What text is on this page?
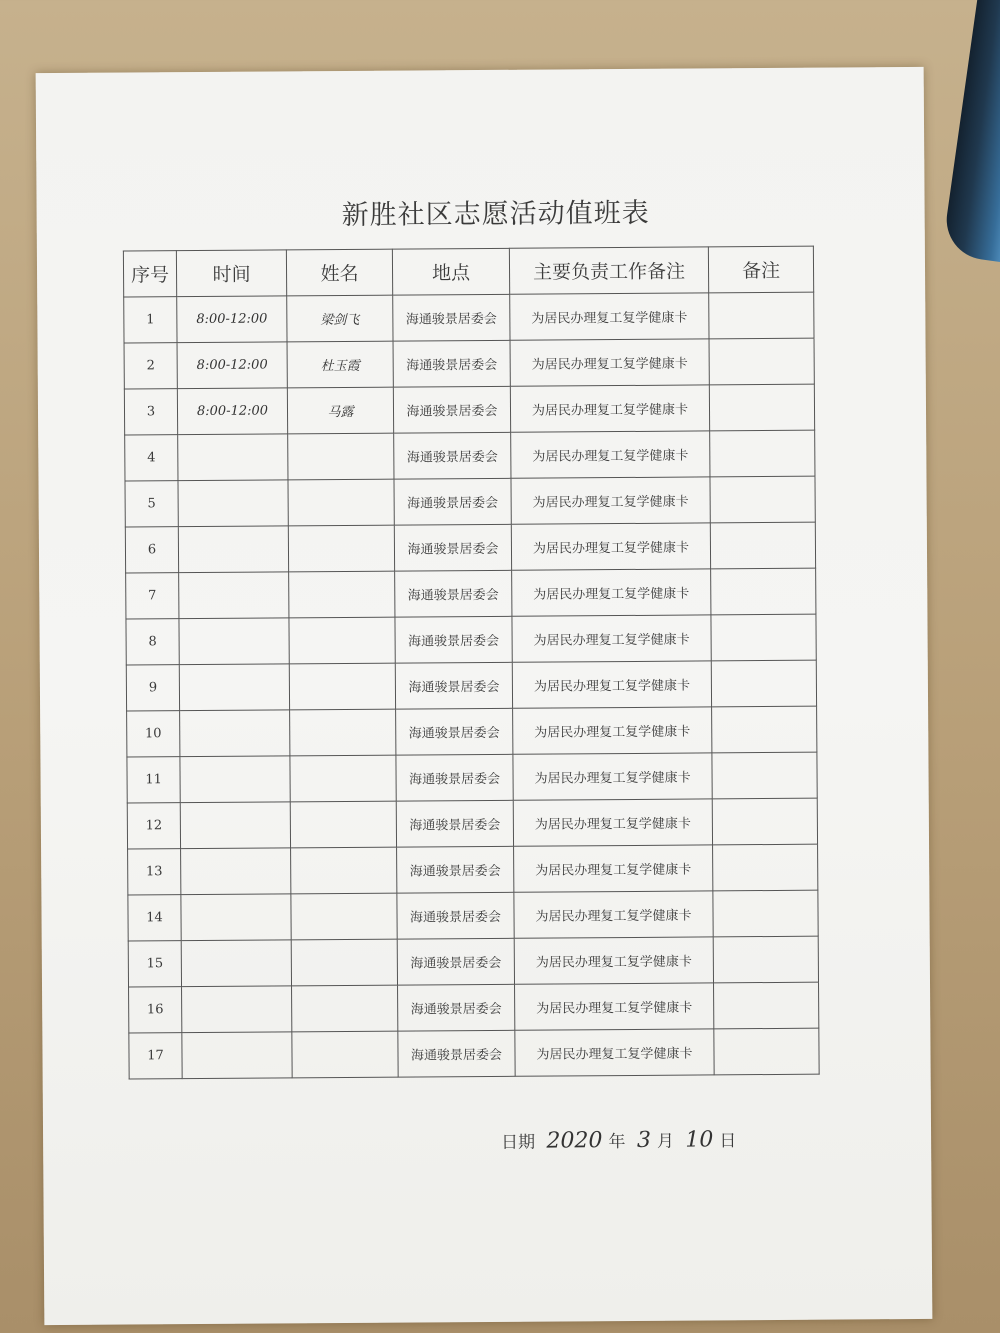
新胜社区志愿活动值班表
序号	时间	姓名	地点	主要负责工作备注	备注
1	8:00-12:00	梁剑飞	海通骏景居委会	为居民办理复工复学健康卡	
2	8:00-12:00	杜玉霞	海通骏景居委会	为居民办理复工复学健康卡	
3	8:00-12:00	马露	海通骏景居委会	为居民办理复工复学健康卡	
4			海通骏景居委会	为居民办理复工复学健康卡	
5			海通骏景居委会	为居民办理复工复学健康卡	
6			海通骏景居委会	为居民办理复工复学健康卡	
7			海通骏景居委会	为居民办理复工复学健康卡	
8			海通骏景居委会	为居民办理复工复学健康卡	
9			海通骏景居委会	为居民办理复工复学健康卡	
10			海通骏景居委会	为居民办理复工复学健康卡	
11			海通骏景居委会	为居民办理复工复学健康卡	
12			海通骏景居委会	为居民办理复工复学健康卡	
13			海通骏景居委会	为居民办理复工复学健康卡	
14			海通骏景居委会	为居民办理复工复学健康卡	
15			海通骏景居委会	为居民办理复工复学健康卡	
16			海通骏景居委会	为居民办理复工复学健康卡	
17			海通骏景居委会	为居民办理复工复学健康卡	
日期 2020 年 3 月 10 日
